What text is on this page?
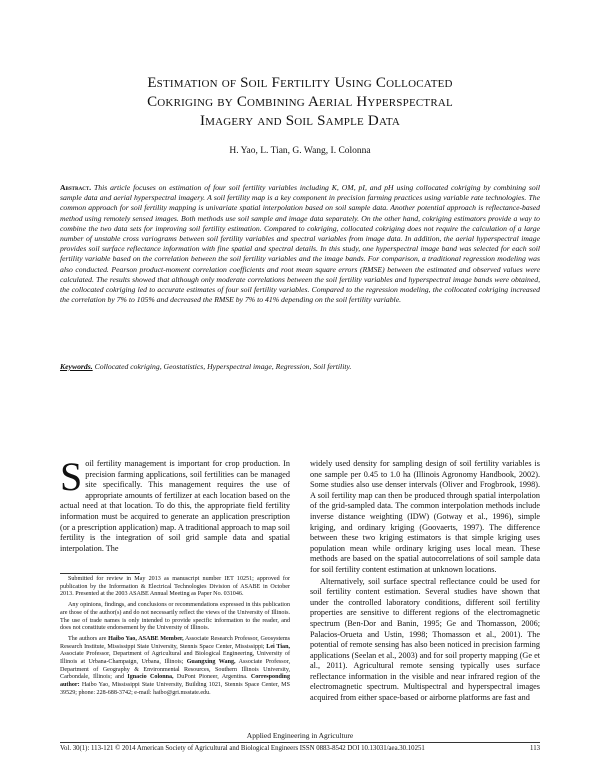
Estimation of Soil Fertility Using Collocated

Cokriging by Combining Aerial Hyperspectral

Imagery and Soil Sample Data

H. Yao, L. Tian, G. Wang, I. Colonna
Abstract. This article focuses on estimation of four soil fertility variables including K, OM, pI, and pH using collocated cokriging by combining soil sample data and aerial hyperspectral imagery. A soil fertility map is a key component in precision farming practices using variable rate technologies. The common approach for soil fertility mapping is univariate spatial interpolation based on soil sample data. Another potential approach is reflectance-based method using remotely sensed images. Both methods use soil sample and image data separately. On the other hand, cokriging estimators provide a way to combine the two data sets for improving soil fertility estimation. Compared to cokriging, collocated cokriging does not require the calculation of a large number of unstable cross variograms between soil fertility variables and spectral variables from image data. In addition, the aerial hyperspectral image provides soil surface reflectance information with fine spatial and spectral details. In this study, one hyperspectral image band was selected for each soil fertility variable based on the correlation between the soil fertility variables and the image bands. For comparison, a traditional regression modeling was also conducted. Pearson product-moment correlation coefficients and root mean square errors (RMSE) between the estimated and observed values were calculated. The results showed that although only moderate correlations between the soil fertility variables and hyperspectral image bands were obtained, the collocated cokriging led to accurate estimates of four soil fertility variables. Compared to the regression modeling, the collocated cokriging increased the correlation by 7% to 105% and decreased the RMSE by 7% to 41% depending on the soil fertility variable.
Keywords. Collocated cokriging, Geostatistics, Hyperspectral image, Regression, Soil fertility.

Soil fertility management is important for crop production. In precision farming applications, soil fertilities can be managed site specifically. This management requires the use of appropriate amounts of fertilizer at each location based on the actual need at that location. To do this, the appropriate field fertility information must be acquired to generate an application prescription (or a prescription application) map. A traditional approach to map soil fertility is the integration of soil grid sample data and spatial interpolation. The

Submitted for review in May 2013 as manuscript number IET 10251; approved for publication by the Information & Electrical Technologies Division of ASABE in October 2013. Presented at the 2003 ASABE Annual Meeting as Paper No. 031046.

Any opinions, findings, and conclusions or recommendations expressed in this publication are those of the author(s) and do not necessarily reflect the views of the University of Illinois. The use of trade names is only intended to provide specific information to the reader, and does not constitute endorsement by the University of Illinois.

The authors are Haibo Yao, ASABE Member, Associate Research Professor, Geosystems Research Institute, Mississippi State University, Stennis Space Center, Mississippi; Lei Tian, Associate Professor, Department of Agricultural and Biological Engineering, University of Illinois at Urbana-Champaign, Urbana, Illinois; Guangxing Wang, Associate Professor, Department of Geography & Environmental Resources, Southern Illinois University, Carbondale, Illinois; and Ignacio Colonna, DuPont Pioneer, Argentina. Corresponding author: Haibo Yao, Mississippi State University, Building 1021, Stennis Space Center, MS 39529; phone: 228-688-3742; e-mail: haibo@gri.msstate.edu.

widely used density for sampling design of soil fertility variables is one sample per 0.45 to 1.0 ha (Illinois Agronomy Handbook, 2002). Some studies also use denser intervals (Oliver and Frogbrook, 1998). A soil fertility map can then be produced through spatial interpolation of the grid-sampled data. The common interpolation methods include inverse distance weighting (IDW) (Gotway et al., 1996), simple kriging, and ordinary kriging (Goovaerts, 1997). The difference between these two kriging estimators is that simple kriging uses population mean while ordinary kriging uses local mean. These methods are based on the spatial autocorrelations of soil sample data for soil fertility content estimation at unknown locations.

Alternatively, soil surface spectral reflectance could be used for soil fertility content estimation. Several studies have shown that under the controlled laboratory conditions, different soil fertility properties are sensitive to different regions of the electromagnetic spectrum (Ben-Dor and Banin, 1995; Ge and Thomasson, 2006; Palacios-Orueta and Ustin, 1998; Thomasson et al., 2001). The potential of remote sensing has also been noticed in precision farming applications (Seelan et al., 2003) and for soil property mapping (Ge et al., 2011). Agricultural remote sensing typically uses surface reflectance information in the visible and near infrared region of the electromagnetic spectrum. Multispectral and hyperspectral images acquired from either space-based or airborne platforms are fast and

Applied Engineering in Agriculture
Vol. 30(1): 113-121 © 2014 American Society of Agricultural and Biological Engineers ISSN 0883-8542 DOI 10.13031/aea.30.10251	113
